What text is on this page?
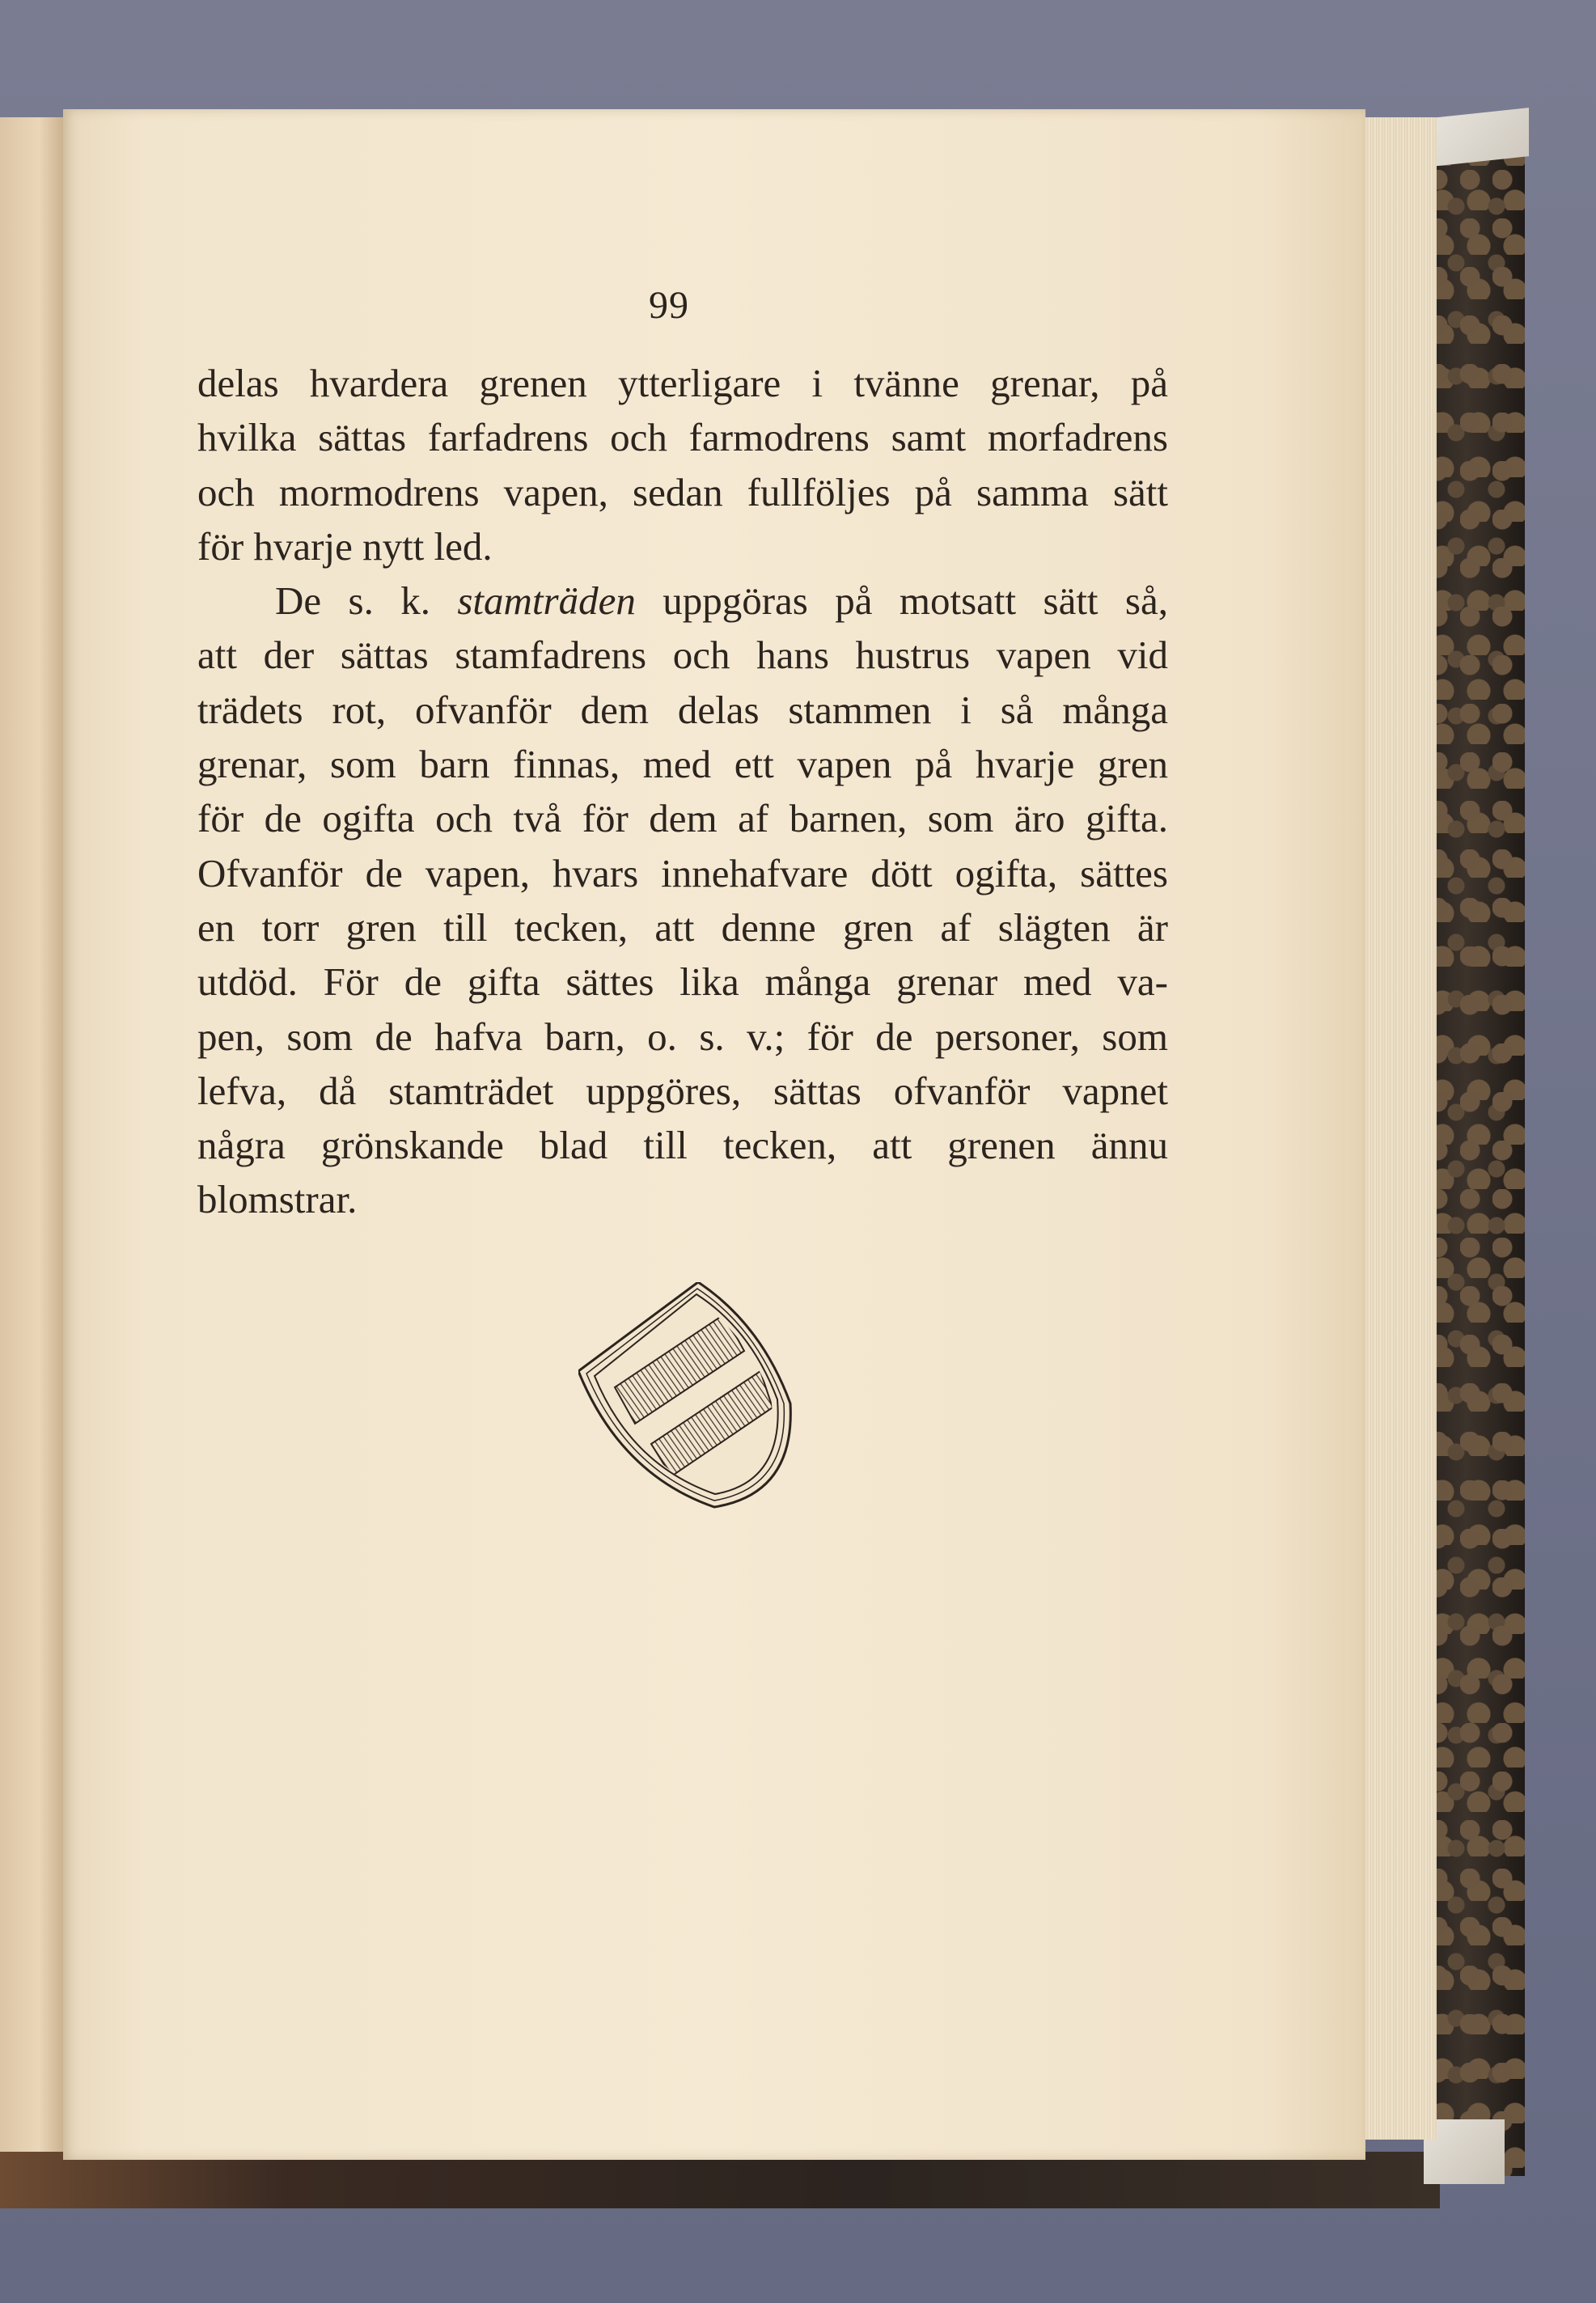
99
delas hvardera grenen ytterligare i tvänne grenar, på
hvilka sättas farfadrens och farmodrens samt morfadrens
och mormodrens vapen, sedan fullföljes på samma sätt
för hvarje nytt led.
De s. k. stamträden uppgöras på motsatt sätt så,
att der sättas stamfadrens och hans hustrus vapen vid
trädets rot, ofvanför dem delas stammen i så många
grenar, som barn finnas, med ett vapen på hvarje gren
för de ogifta och två för dem af barnen, som äro gifta.
Ofvanför de vapen, hvars innehafvare dött ogifta, sättes
en torr gren till tecken, att denne gren af slägten är
utdöd. För de gifta sättes lika många grenar med va-
pen, som de hafva barn, o. s. v.; för de personer, som
lefva, då stamträdet uppgöres, sättas ofvanför vapnet
några grönskande blad till tecken, att grenen ännu
blomstrar.
